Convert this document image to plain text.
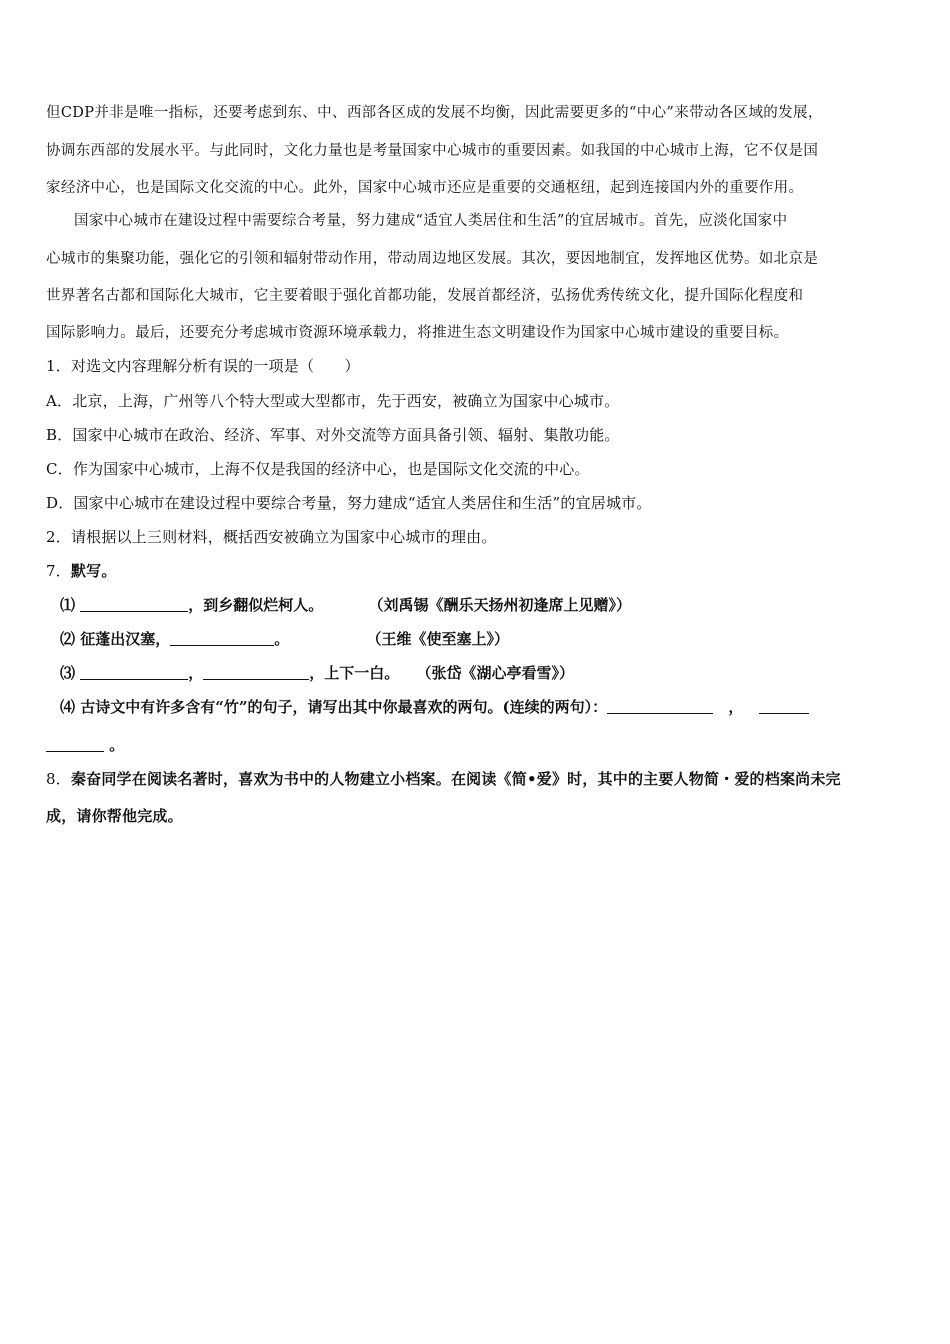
但CDP并非是唯一指标，还要考虑到东、中、西部各区成的发展不均衡，因此需要更多的“中心”来带动各区域的发展，
协调东西部的发展水平。与此同时，文化力量也是考量国家中心城市的重要因素。如我国的中心城市上海，它不仅是国
家经济中心，也是国际文化交流的中心。此外，国家中心城市还应是重要的交通枢纽，起到连接国内外的重要作用。
国家中心城市在建设过程中需要综合考量，努力建成“适宜人类居住和生活”的宜居城市。首先，应淡化国家中
心城市的集聚功能，强化它的引领和辐射带动作用，带动周边地区发展。其次，要因地制宜，发挥地区优势。如北京是
世界著名古都和国际化大城市，它主要着眼于强化首都功能，发展首都经济，弘扬优秀传统文化，提升国际化程度和
国际影响力。最后，还要充分考虑城市资源环境承载力，将推进生态文明建设作为国家中心城市建设的重要目标。
1．对选文内容理解分析有误的一项是（　　）
A．北京，上海，广州等八个特大型或大型都市，先于西安，被确立为国家中心城市。
B．国家中心城市在政治、经济、军事、对外交流等方面具备引领、辐射、集散功能。
C．作为国家中心城市，上海不仅是我国的经济中心，也是国际文化交流的中心。
D．国家中心城市在建设过程中要综合考量，努力建成“适宜人类居住和生活”的宜居城市。
2．请根据以上三则材料，概括西安被确立为国家中心城市的理由。
7．默写。
⑴	，到乡翻似烂柯人。	（刘禹锡《酬乐天扬州初逢席上见赠》）
⑵ 征蓬出汉塞，	。	（王维《使至塞上》）
⑶	，	，上下一白。 （张岱《湖心亭看雪》）
⑷ 古诗文中有许多含有“竹”的句子，请写出其中你最喜欢的两句。(连续的两句）：	，
。
8．秦奋同学在阅读名著时，喜欢为书中的人物建立小档案。在阅读《简•爱》时，其中的主要人物简・爱的档案尚未完
成，请你帮他完成。
